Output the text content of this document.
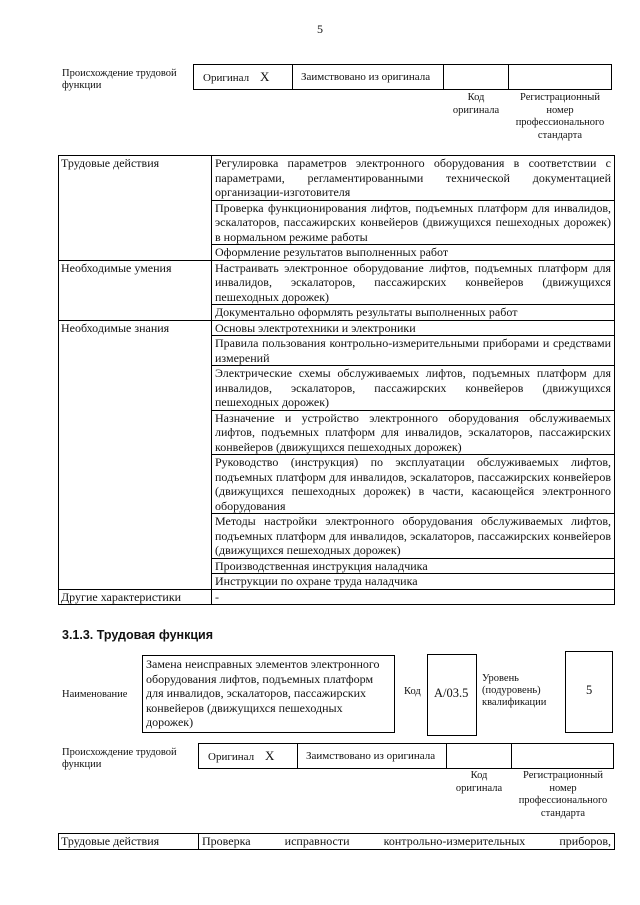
5
Происхождение трудовой функции
Оригинал X	Заимствовано из оригинала
Код оригинала
Регистрационный номер профессионального стандарта
Трудовые действия	Регулировка параметров электронного оборудования в соответствии с параметрами, регламентированными технической документацией организации-изготовителя
	Проверка функционирования лифтов, подъемных платформ для инвалидов, эскалаторов, пассажирских конвейеров (движущихся пешеходных дорожек) в нормальном режиме работы
	Оформление результатов выполненных работ
Необходимые умения	Настраивать электронное оборудование лифтов, подъемных платформ для инвалидов, эскалаторов, пассажирских конвейеров (движущихся пешеходных дорожек)
	Документально оформлять результаты выполненных работ
Необходимые знания	Основы электротехники и электроники
	Правила пользования контрольно-измерительными приборами и средствами измерений
	Электрические схемы обслуживаемых лифтов, подъемных платформ для инвалидов, эскалаторов, пассажирских конвейеров (движущихся пешеходных дорожек)
	Назначение и устройство электронного оборудования обслуживаемых лифтов, подъемных платформ для инвалидов, эскалаторов, пассажирских конвейеров (движущихся пешеходных дорожек)
	Руководство (инструкция) по эксплуатации обслуживаемых лифтов, подъемных платформ для инвалидов, эскалаторов, пассажирских конвейеров (движущихся пешеходных дорожек) в части, касающейся электронного оборудования
	Методы настройки электронного оборудования обслуживаемых лифтов, подъемных платформ для инвалидов, эскалаторов, пассажирских конвейеров (движущихся пешеходных дорожек)
	Производственная инструкция наладчика
	Инструкции по охране труда наладчика
Другие характеристики	-
3.1.3. Трудовая функция
Наименование
Замена неисправных элементов электронного оборудования лифтов, подъемных платформ для инвалидов, эскалаторов, пассажирских конвейеров (движущихся пешеходных дорожек)
Код A/03.5
Уровень (подуровень) квалификации
5
Происхождение трудовой функции
Оригинал X	Заимствовано из оригинала
Код оригинала
Регистрационный номер профессионального стандарта
Трудовые действия	Проверка исправности контрольно-измерительных приборов,
